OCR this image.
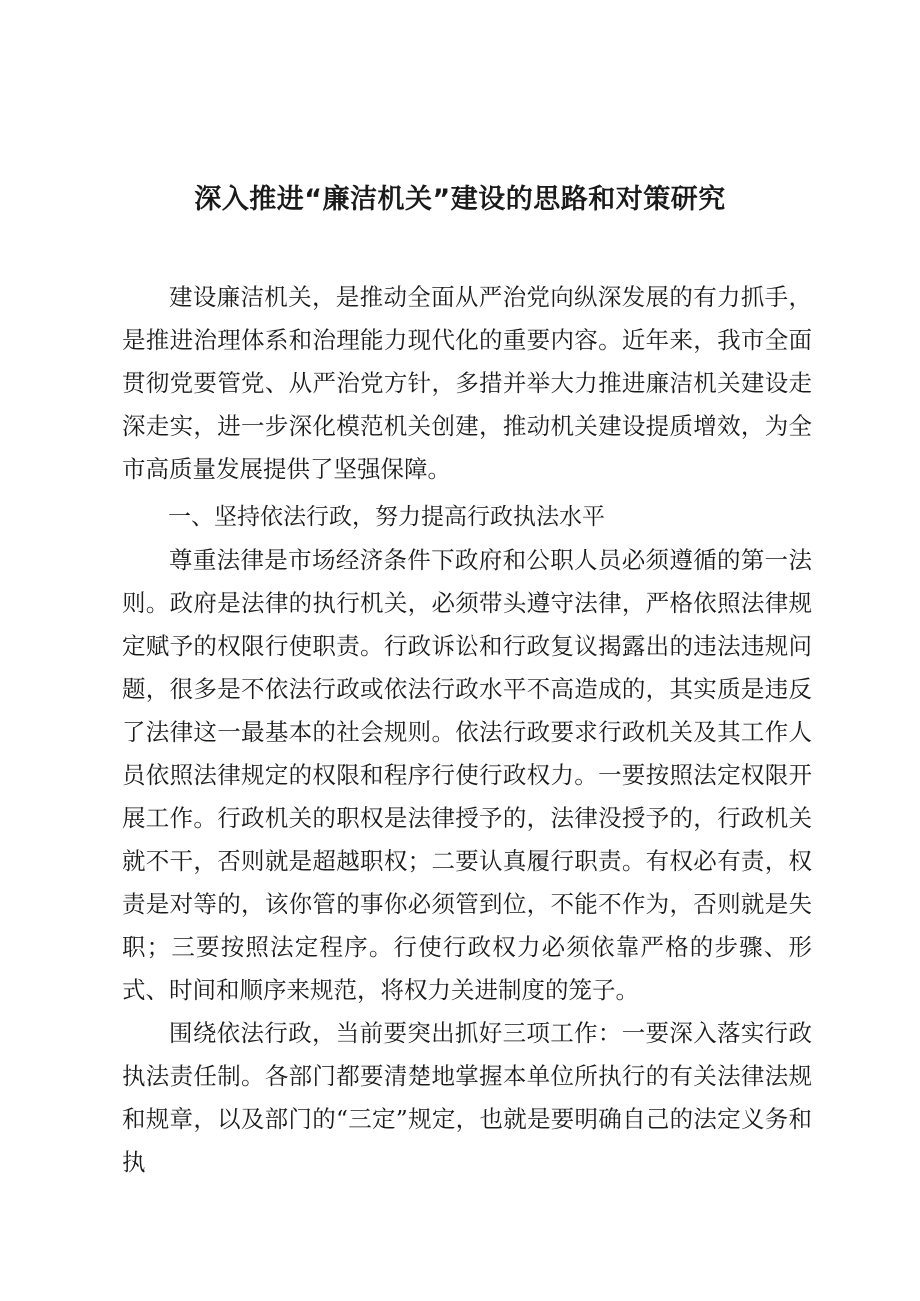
深入推进“廉洁机关”建设的思路和对策研究

建设廉洁机关，是推动全面从严治党向纵深发展的有力抓手，是推进治理体系和治理能力现代化的重要内容。近年来，我市全面贯彻党要管党、从严治党方针，多措并举大力推进廉洁机关建设走深走实，进一步深化模范机关创建，推动机关建设提质增效，为全市高质量发展提供了坚强保障。

一、坚持依法行政，努力提高行政执法水平

尊重法律是市场经济条件下政府和公职人员必须遵循的第一法则。政府是法律的执行机关，必须带头遵守法律，严格依照法律规定赋予的权限行使职责。行政诉讼和行政复议揭露出的违法违规问题，很多是不依法行政或依法行政水平不高造成的，其实质是违反了法律这一最基本的社会规则。依法行政要求行政机关及其工作人员依照法律规定的权限和程序行使行政权力。一要按照法定权限开展工作。行政机关的职权是法律授予的，法律没授予的，行政机关就不干，否则就是超越职权；二要认真履行职责。有权必有责，权责是对等的，该你管的事你必须管到位，不能不作为，否则就是失职；三要按照法定程序。行使行政权力必须依靠严格的步骤、形式、时间和顺序来规范，将权力关进制度的笼子。

围绕依法行政，当前要突出抓好三项工作：一要深入落实行政执法责任制。各部门都要清楚地掌握本单位所执行的有关法律法规和规章，以及部门的“三定”规定，也就是要明确自己的法定义务和执
